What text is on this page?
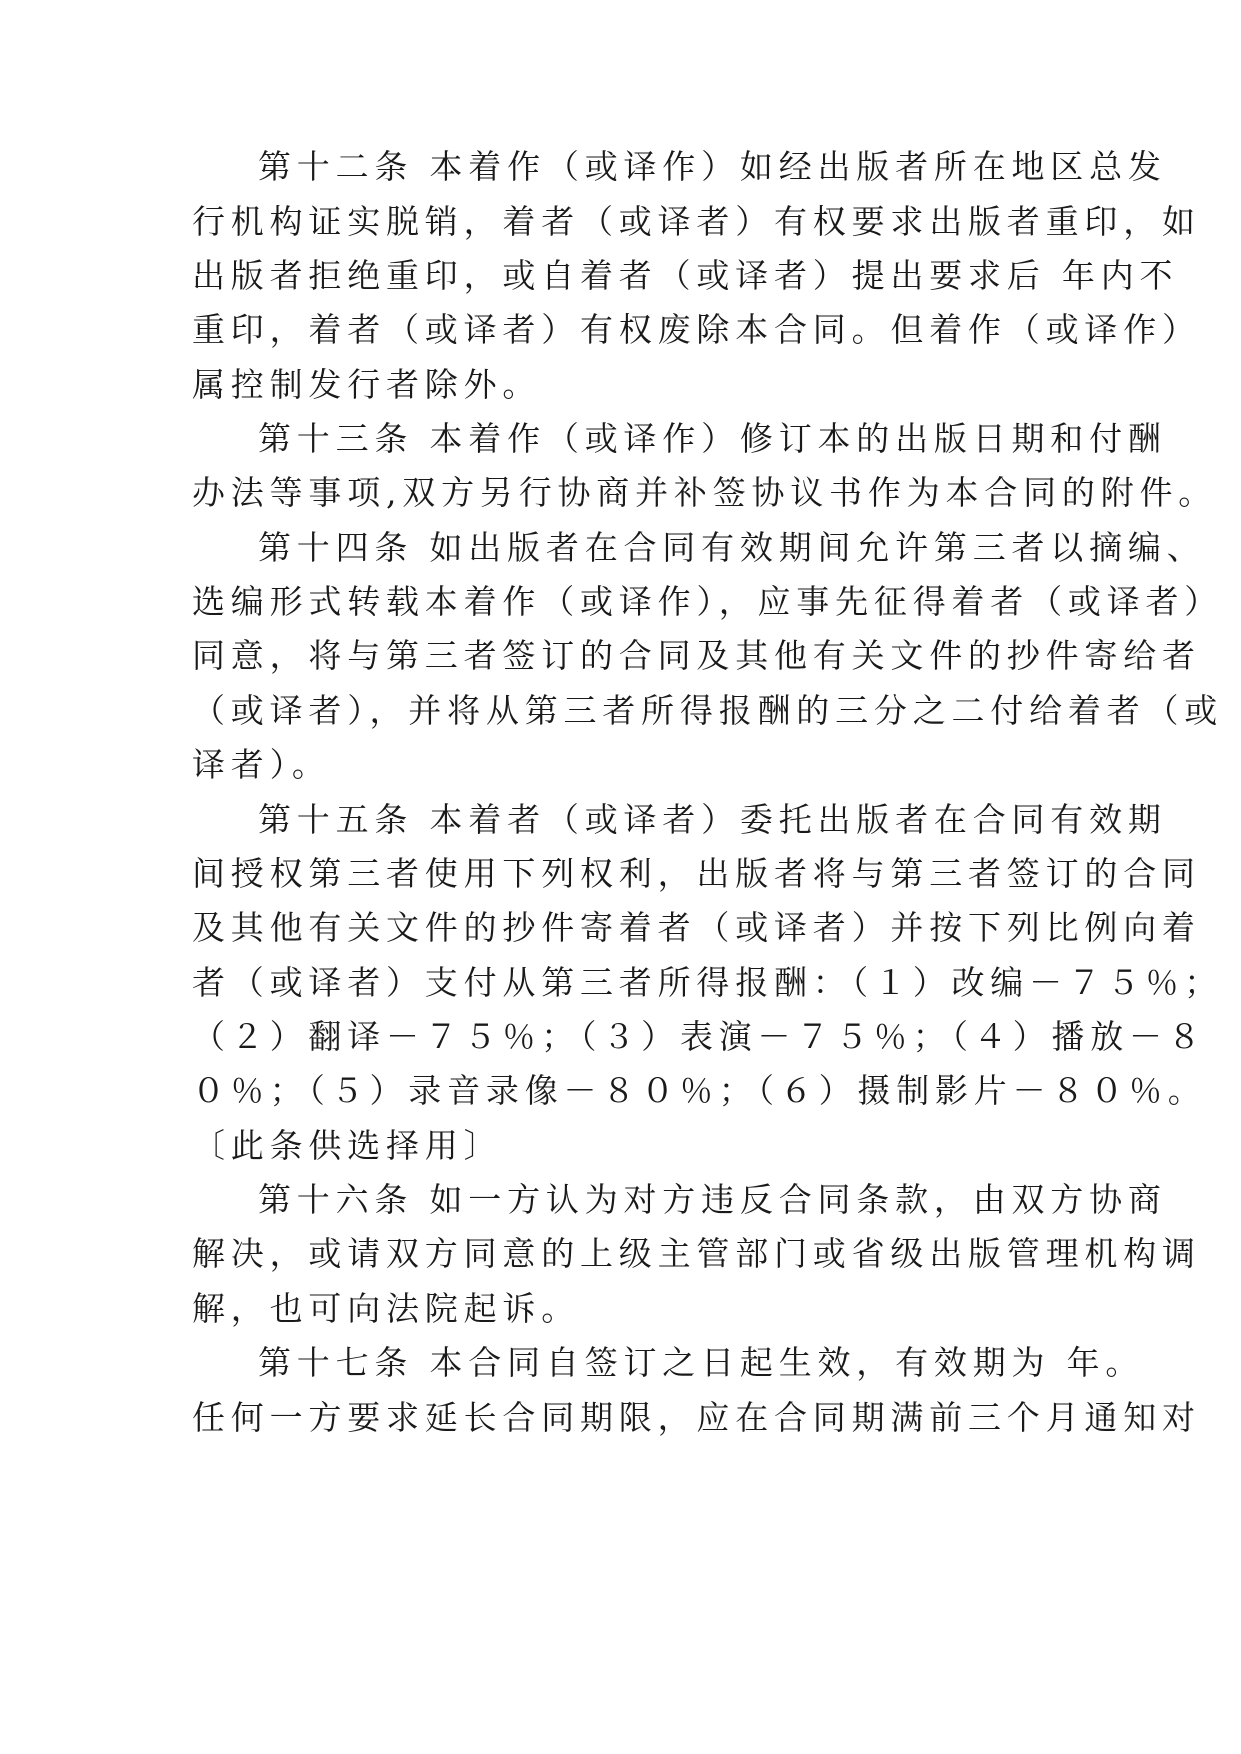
第十二条 本着作（或译作）如经出版者所在地区总发
行机构证实脱销，着者（或译者）有权要求出版者重印，如
出版者拒绝重印，或自着者（或译者）提出要求后 年内不
重印，着者（或译者）有权废除本合同。但着作（或译作）
属控制发行者除外。
第十三条 本着作（或译作）修订本的出版日期和付酬
办法等事项,双方另行协商并补签协议书作为本合同的附件。
第十四条 如出版者在合同有效期间允许第三者以摘编、
选编形式转载本着作（或译作），应事先征得着者（或译者）
同意，将与第三者签订的合同及其他有关文件的抄件寄给者
（或译者），并将从第三者所得报酬的三分之二付给着者（或
译者）。
第十五条 本着者（或译者）委托出版者在合同有效期
间授权第三者使用下列权利，出版者将与第三者签订的合同
及其他有关文件的抄件寄着者（或译者）并按下列比例向着
者（或译者）支付从第三者所得报酬：（１）改编－７５％；
（２）翻译－７５％；（３）表演－７５％；（４）播放－８
０％；（５）录音录像－８０％；（６）摄制影片－８０％。
〔此条供选择用〕
第十六条 如一方认为对方违反合同条款，由双方协商
解决，或请双方同意的上级主管部门或省级出版管理机构调
解，也可向法院起诉。
第十七条 本合同自签订之日起生效，有效期为 年。
任何一方要求延长合同期限，应在合同期满前三个月通知对
